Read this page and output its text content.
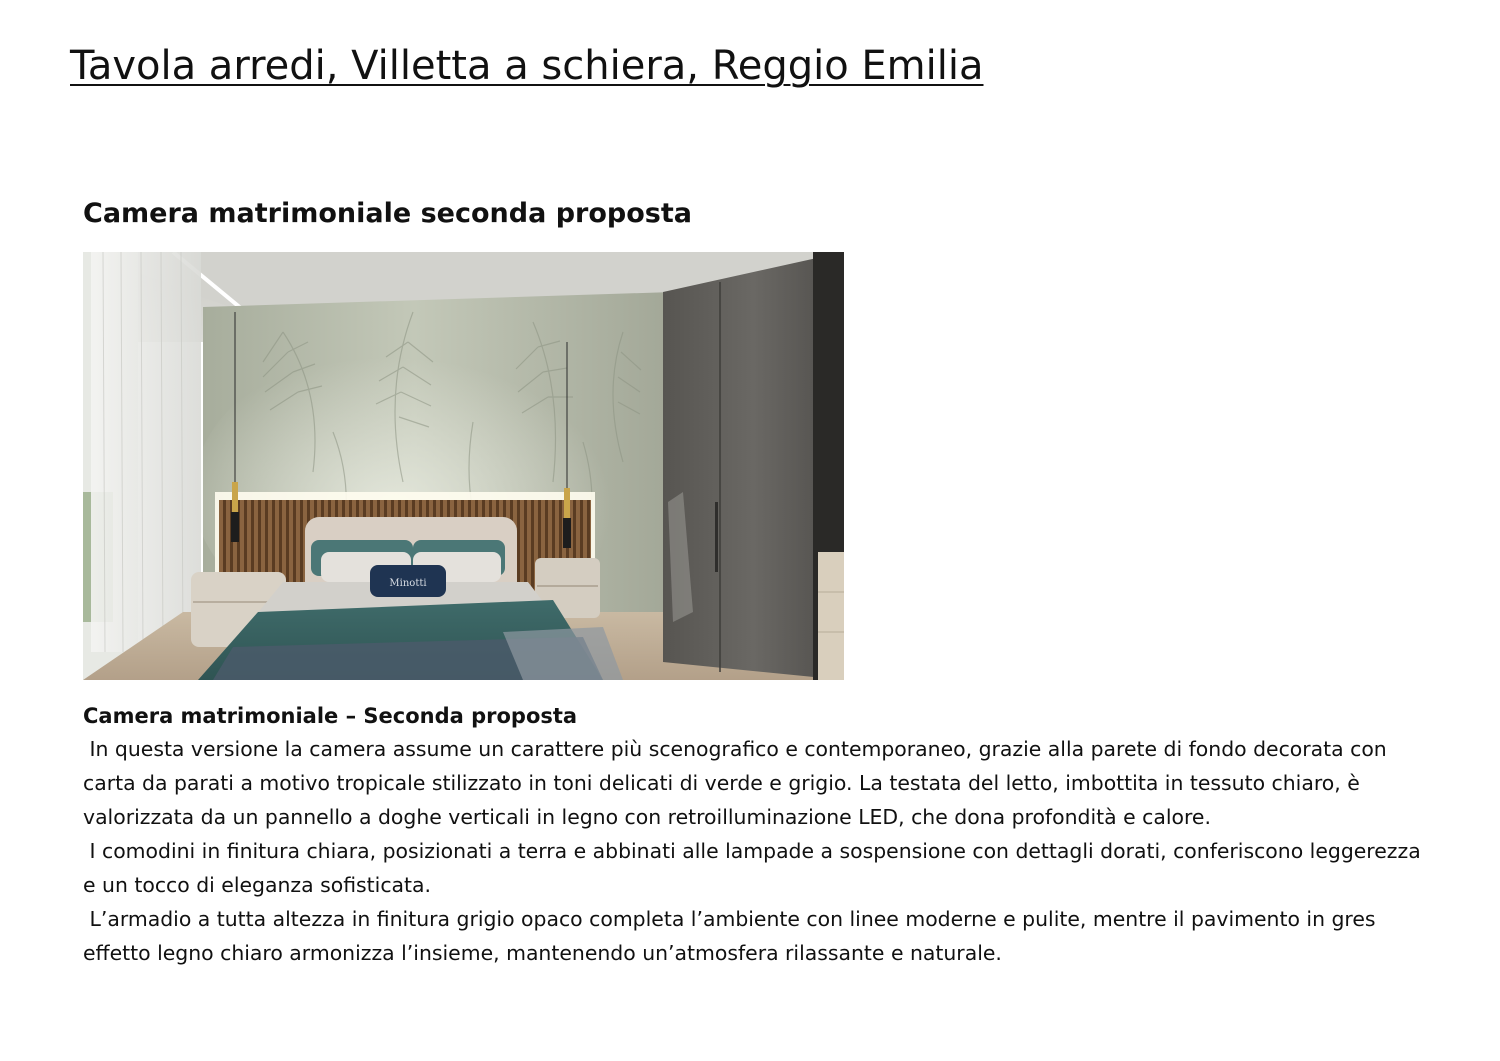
Tavola arredi, Villetta a schiera, Reggio Emilia
Camera matrimoniale seconda proposta
Minotti
Camera matrimoniale – Seconda proposta

In questa versione la camera assume un carattere più scenografico e contemporaneo, grazie alla parete di fondo decorata con carta da parati a motivo tropicale stilizzato in toni delicati di verde e grigio. La testata del letto, imbottita in tessuto chiaro, è valorizzata da un pannello a doghe verticali in legno con retroilluminazione LED, che dona profondità e calore.

I comodini in finitura chiara, posizionati a terra e abbinati alle lampade a sospensione con dettagli dorati, conferiscono leggerezza e un tocco di eleganza sofisticata.

L’armadio a tutta altezza in finitura grigio opaco completa l’ambiente con linee moderne e pulite, mentre il pavimento in gres effetto legno chiaro armonizza l’insieme, mantenendo un’atmosfera rilassante e naturale.
